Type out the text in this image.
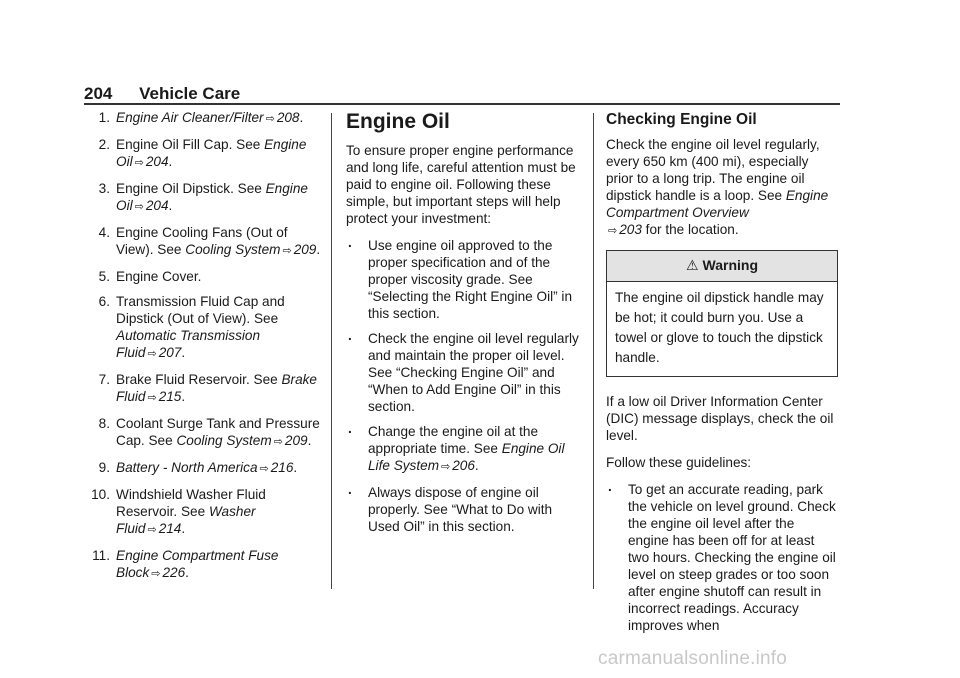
204 Vehicle Care
1 . Engine Air Cleaner/Filter ⇨ 208.
2 . Engine Oil Fill Cap. See Engine Oil ⇨ 204.
3 . Engine Oil Dipstick. See Engine Oil ⇨ 204.
4 . Engine Cooling Fans (Out of View). See Cooling System ⇨ 209.
5 . Engine Cover.
6 . Transmission Fluid Cap and Dipstick (Out of View). See Automatic Transmission Fluid ⇨ 207.
7 . Brake Fluid Reservoir. See Brake Fluid ⇨ 215.
8 . Coolant Surge Tank and Pressure Cap. See Cooling System ⇨ 209.
9 . Battery - North America ⇨ 216.
10 . Windshield Washer Fluid Reservoir. See Washer Fluid ⇨ 214.
11 . Engine Compartment Fuse Block ⇨ 226.
Engine Oil

To ensure proper engine performance and long life, careful attention must be paid to engine oil. Following these simple, but important steps will help protect your investment:

. Use engine oil approved to the proper specification and of the proper viscosity grade. See “Selecting the Right Engine Oil” in this section.
. Check the engine oil level regularly and maintain the proper oil level. See “Checking Engine Oil” and “When to Add Engine Oil” in this section.
. Change the engine oil at the appropriate time. See Engine Oil Life System ⇨ 206.
. Always dispose of engine oil properly. See “What to Do with Used Oil” in this section.
Checking Engine Oil

Check the engine oil level regularly, every 650 km (400 mi), especially prior to a long trip. The engine oil dipstick handle is a loop. See Engine Compartment Overview
⇨ 203 for the location.

⚠ Warning
The engine oil dipstick handle may be hot; it could burn you. Use a towel or glove to touch the dipstick handle.

If a low oil Driver Information Center (DIC) message displays, check the oil level.

Follow these guidelines:

. To get an accurate reading, park the vehicle on level ground. Check the engine oil level after the engine has been off for at least two hours. Checking the engine oil level on steep grades or too soon after engine shutoff can result in incorrect readings. Accuracy improves when
carmanualsonline.info
